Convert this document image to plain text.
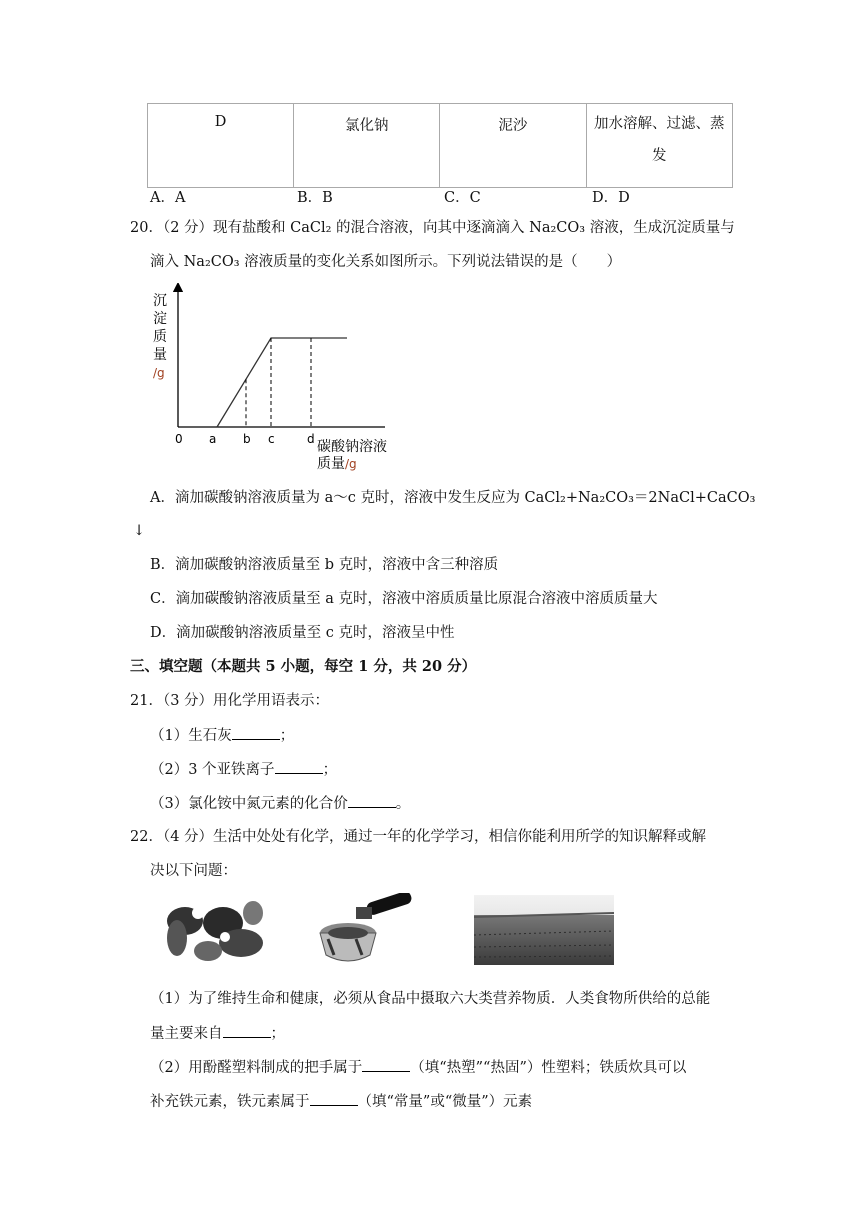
D	氯化钠	泥沙	加水溶解、过滤、蒸发
A．A	B．B	C．C	D．D
20．（2 分）现有盐酸和 CaCl₂ 的混合溶液，向其中逐滴滴入 Na₂CO₃ 溶液，生成沉淀质量与
滴入 Na₂CO₃ 溶液质量的变化关系如图所示。下列说法错误的是（　　）
沉
淀
质
量
/g
0 a b c	d 碳酸钠溶液
质量/g
A．滴加碳酸钠溶液质量为 a～c 克时，溶液中发生反应为 CaCl₂+Na₂CO₃＝2NaCl+CaCO₃
↓
B．滴加碳酸钠溶液质量至 b 克时，溶液中含三种溶质
C．滴加碳酸钠溶液质量至 a 克时，溶液中溶质质量比原混合溶液中溶质质量大
D．滴加碳酸钠溶液质量至 c 克时，溶液呈中性
三、填空题（本题共 5 小题，每空 1 分，共 20 分）
21．（3 分）用化学用语表示：
（1）生石灰	；
（2）3 个亚铁离子	；
（3）氯化铵中氮元素的化合价	。
22．（4 分）生活中处处有化学，通过一年的化学学习，相信你能利用所学的知识解释或解
决以下问题：
（1）为了维持生命和健康，必须从食品中摄取六大类营养物质．人类食物所供给的总能
量主要来自	；
（2）用酚醛塑料制成的把手属于	（填“热塑”“热固”）性塑料；铁质炊具可以
补充铁元素，铁元素属于	（填“常量”或“微量”）元素
